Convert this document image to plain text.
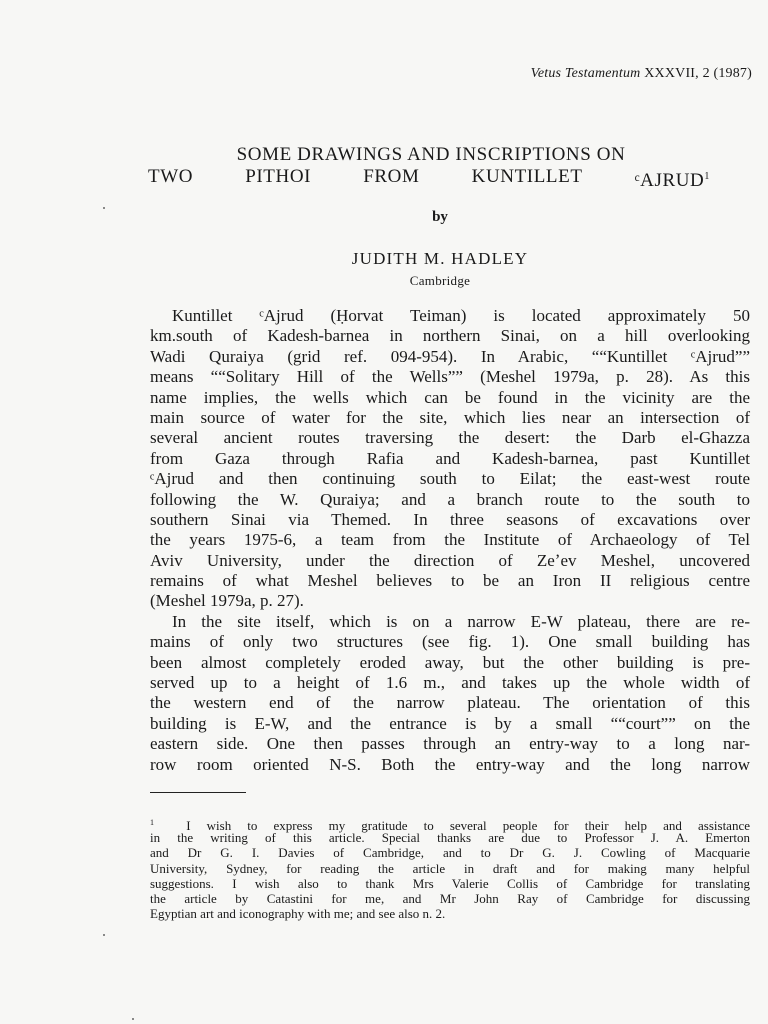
Vetus Testamentum XXXVII, 2 (1987)
SOME DRAWINGS AND INSCRIPTIONS ON
TWO	PITHOI	FROM	KUNTILLET	ᶜAJRUD$^1$
by
JUDITH M. HADLEY
Cambridge
Kuntillet ᶜAjrud (Ḥorvat Teiman) is located approximately 50
km.south of Kadesh-barnea in northern Sinai, on a hill overlooking
Wadi Quraiya (grid ref. 094-954). In Arabic, ““Kuntillet ᶜAjrud””
means ““Solitary Hill of the Wells”” (Meshel 1979a, p. 28). As this
name implies, the wells which can be found in the vicinity are the
main source of water for the site, which lies near an intersection of
several ancient routes traversing the desert: the Darb el-Ghazza
from Gaza through Rafia and Kadesh-barnea, past Kuntillet
ᶜAjrud and then continuing south to Eilat; the east-west route
following the W. Quraiya; and a branch route to the south to
southern Sinai via Themed. In three seasons of excavations over
the years 1975-6, a team from the Institute of Archaeology of Tel
Aviv University, under the direction of Zeʼev Meshel, uncovered
remains of what Meshel believes to be an Iron II religious centre
(Meshel 1979a, p. 27).
In the site itself, which is on a narrow E-W plateau, there are re-
mains of only two structures (see fig. 1). One small building has
been almost completely eroded away, but the other building is pre-
served up to a height of 1.6 m., and takes up the whole width of
the western end of the narrow plateau. The orientation of this
building is E-W, and the entrance is by a small ““court”” on the
eastern side. One then passes through an entry-way to a long nar-
row room oriented N-S. Both the entry-way and the long narrow
$^1$ I wish to express my gratitude to several people for their help and assistance
in the writing of this article. Special thanks are due to Professor J. A. Emerton
and Dr G. I. Davies of Cambridge, and to Dr G. J. Cowling of Macquarie
University, Sydney, for reading the article in draft and for making many helpful
suggestions. I wish also to thank Mrs Valerie Collis of Cambridge for translating
the article by Catastini for me, and Mr John Ray of Cambridge for discussing
Egyptian art and iconography with me; and see also n. 2.
